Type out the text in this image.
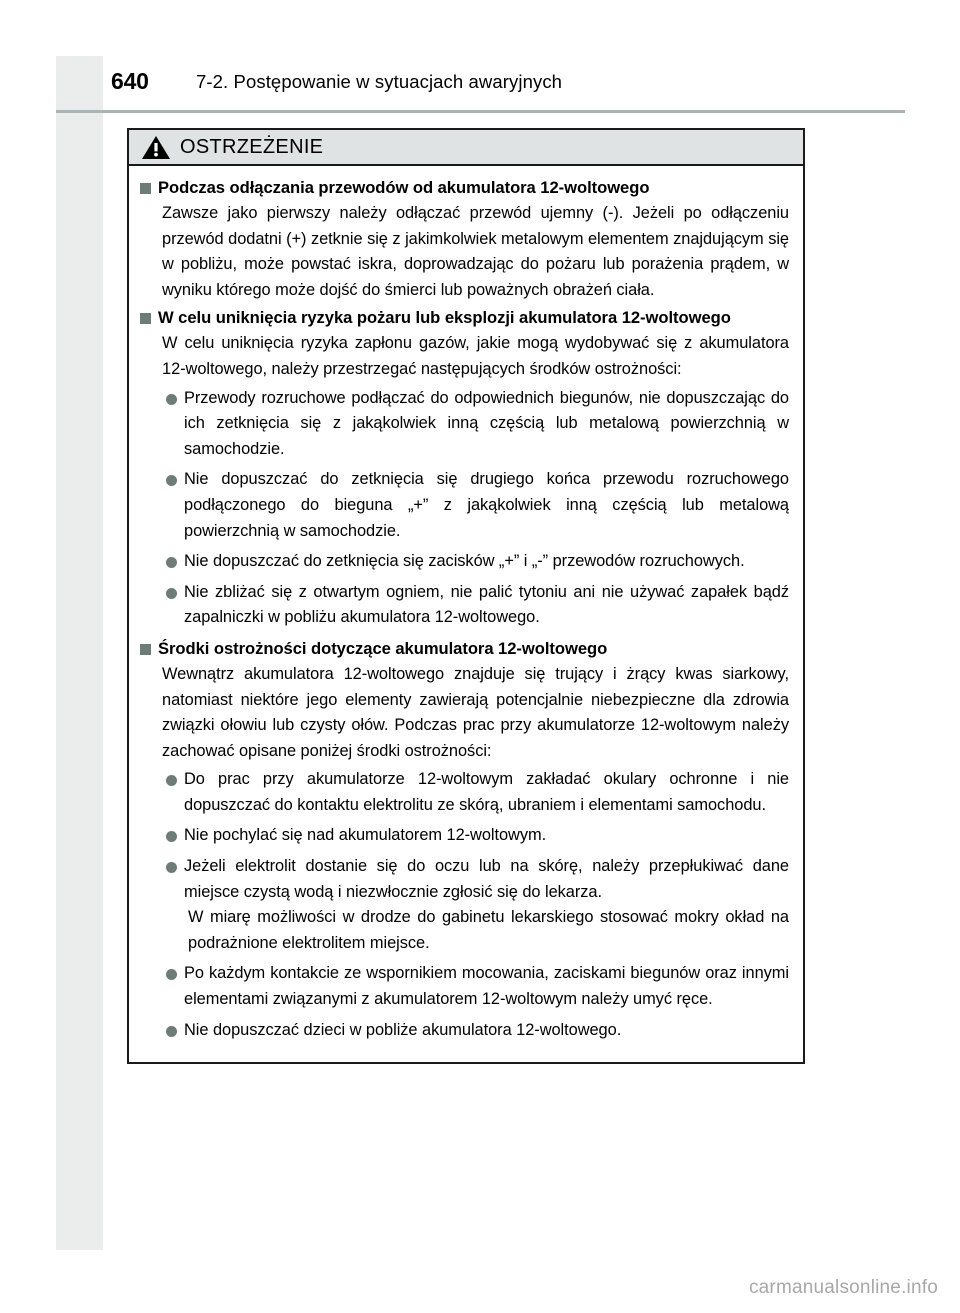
640	7-2. Postępowanie w sytuacjach awaryjnych
OSTRZEŻENIE
Podczas odłączania przewodów od akumulatora 12-woltowego
Zawsze jako pierwszy należy odłączać przewód ujemny (-). Jeżeli po odłączeniu przewód dodatni (+) zetknie się z jakimkolwiek metalowym elementem znajdującym się w pobliżu, może powstać iskra, doprowadzając do pożaru lub porażenia prądem, w wyniku którego może dojść do śmierci lub poważnych obrażeń ciała.
W celu uniknięcia ryzyka pożaru lub eksplozji akumulatora 12-woltowego
W celu uniknięcia ryzyka zapłonu gazów, jakie mogą wydobywać się z akumulatora 12-woltowego, należy przestrzegać następujących środków ostrożności:
Przewody rozruchowe podłączać do odpowiednich biegunów, nie dopuszczając do ich zetknięcia się z jakąkolwiek inną częścią lub metalową powierzchnią w samochodzie.
Nie dopuszczać do zetknięcia się drugiego końca przewodu rozruchowego podłączonego do bieguna „+” z jakąkolwiek inną częścią lub metalową powierzchnią w samochodzie.
Nie dopuszczać do zetknięcia się zacisków „+” i „-” przewodów rozruchowych.
Nie zbliżać się z otwartym ogniem, nie palić tytoniu ani nie używać zapałek bądź zapalniczki w pobliżu akumulatora 12-woltowego.
Środki ostrożności dotyczące akumulatora 12-woltowego
Wewnątrz akumulatora 12-woltowego znajduje się trujący i żrący kwas siarkowy, natomiast niektóre jego elementy zawierają potencjalnie niebezpieczne dla zdrowia związki ołowiu lub czysty ołów. Podczas prac przy akumulatorze 12-woltowym należy zachować opisane poniżej środki ostrożności:
Do prac przy akumulatorze 12-woltowym zakładać okulary ochronne i nie dopuszczać do kontaktu elektrolitu ze skórą, ubraniem i elementami samochodu.
Nie pochylać się nad akumulatorem 12-woltowym.
Jeżeli elektrolit dostanie się do oczu lub na skórę, należy przepłukiwać dane miejsce czystą wodą i niezwłocznie zgłosić się do lekarza.
W miarę możliwości w drodze do gabinetu lekarskiego stosować mokry okład na podrażnione elektrolitem miejsce.
Po każdym kontakcie ze wspornikiem mocowania, zaciskami biegunów oraz innymi elementami związanymi z akumulatorem 12-woltowym należy umyć ręce.
Nie dopuszczać dzieci w pobliże akumulatora 12-woltowego.
carmanualsonline.info
